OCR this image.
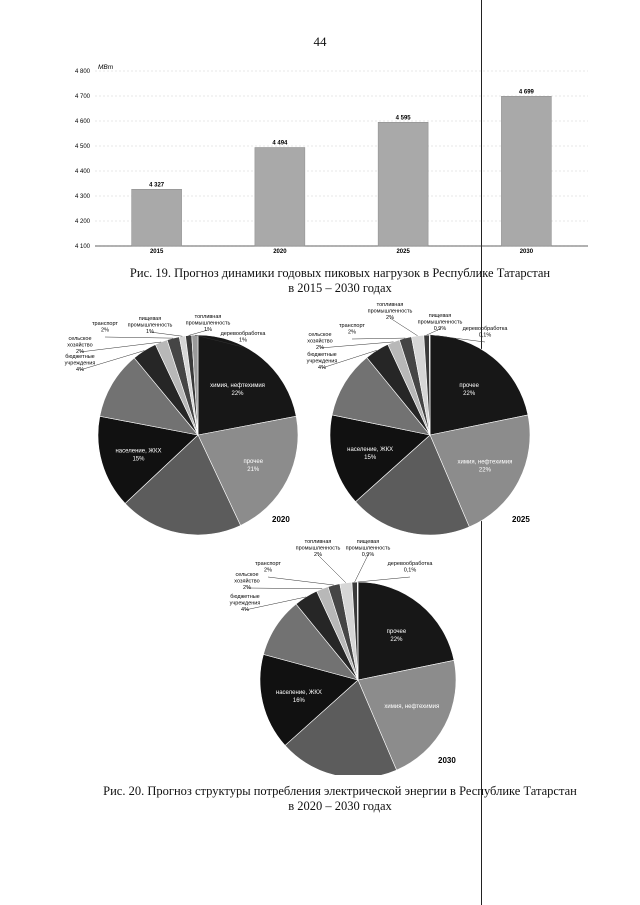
44
МВт
4 100
4 200
4 300
4 400
4 500
4 600
4 700
4 800
4 327
2015
4 494
2020
4 595
2025
4 699
2030
Рис. 19. Прогноз динамики годовых пиковых нагрузок в Республике Татарстан
в 2015 – 2030 годах
химия, нефтехимия
22%
прочее
21%
население, ЖКХ
15%
бюджетные
учреждения
4%
сельское
хозяйство
2%
транспорт
2%
пищевая
промышленность
1%
топливная
промышленность
1%
деревообработка
1%
2020
прочее
22%
химия, нефтехимия
22%
население, ЖКХ
15%
бюджетные
учреждения
4%
сельское
хозяйство
2%
транспорт
2%
топливная
промышленность
2%	пищевая
промышленность
0,9%	деревообработка
0,1%
2025
прочее
22%
химия, нефтехимия
население, ЖКХ
16%
бюджетные
учреждения
4%
сельское
хозяйство
2%
транспорт
2%
топливная
промышленность
2%
пищевая
промышленность
0,9%
деревообработка
0,1%
2030
Рис. 20. Прогноз структуры потребления электрической энергии в Республике Татарстан
в 2020 – 2030 годах
